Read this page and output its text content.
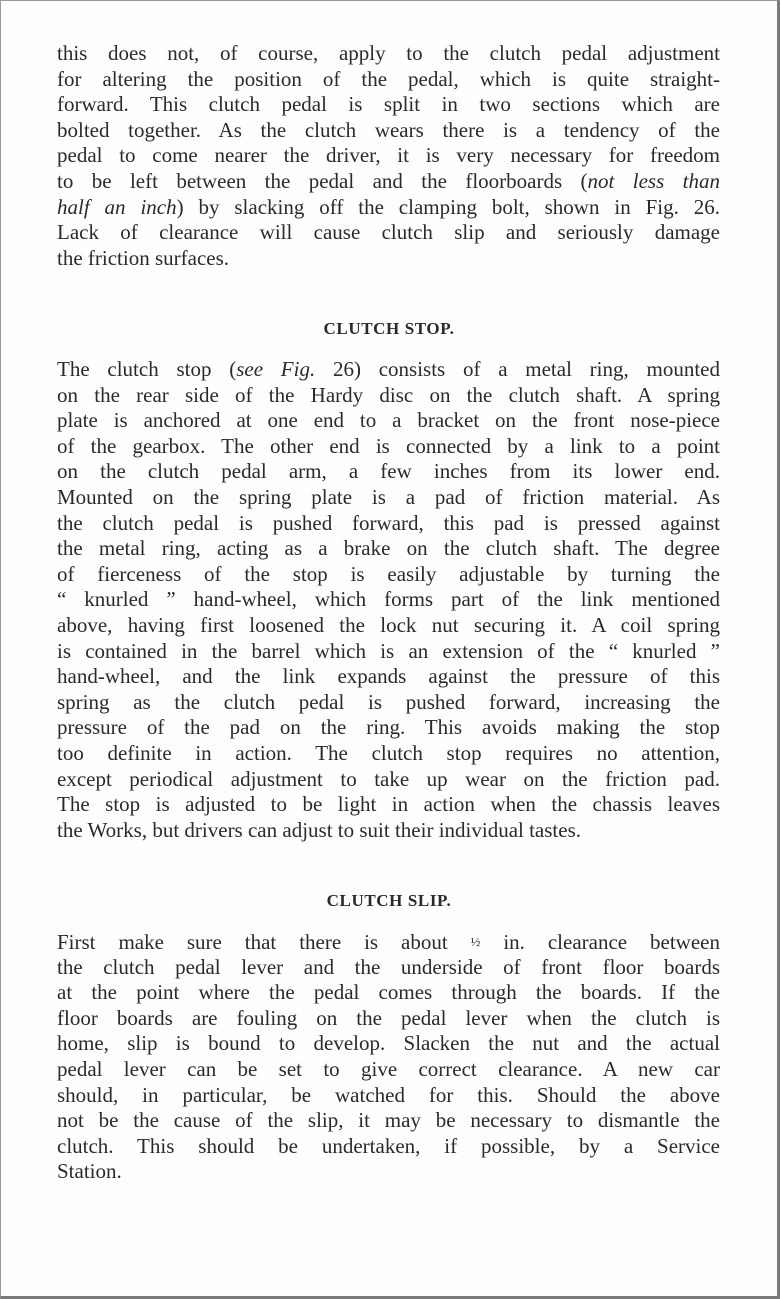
this does not, of course, apply to the clutch pedal adjustment
for altering the position of the pedal, which is quite straight-
forward. This clutch pedal is split in two sections which are
bolted together. As the clutch wears there is a tendency of the
pedal to come nearer the driver, it is very necessary for freedom
to be left between the pedal and the floorboards (not less than
half an inch) by slacking off the clamping bolt, shown in Fig. 26.
Lack of clearance will cause clutch slip and seriously damage
the friction surfaces.

CLUTCH STOP.

The clutch stop (see Fig. 26) consists of a metal ring, mounted
on the rear side of the Hardy disc on the clutch shaft. A spring
plate is anchored at one end to a bracket on the front nose-piece
of the gearbox. The other end is connected by a link to a point
on the clutch pedal arm, a few inches from its lower end.
Mounted on the spring plate is a pad of friction material. As
the clutch pedal is pushed forward, this pad is pressed against
the metal ring, acting as a brake on the clutch shaft. The degree
of fierceness of the stop is easily adjustable by turning the
“ knurled ” hand-wheel, which forms part of the link mentioned
above, having first loosened the lock nut securing it. A coil spring
is contained in the barrel which is an extension of the “ knurled ”
hand-wheel, and the link expands against the pressure of this
spring as the clutch pedal is pushed forward, increasing the
pressure of the pad on the ring. This avoids making the stop
too definite in action. The clutch stop requires no attention,
except periodical adjustment to take up wear on the friction pad.
The stop is adjusted to be light in action when the chassis leaves
the Works, but drivers can adjust to suit their individual tastes.

CLUTCH SLIP.

First make sure that there is about ½ in. clearance between
the clutch pedal lever and the underside of front floor boards
at the point where the pedal comes through the boards. If the
floor boards are fouling on the pedal lever when the clutch is
home, slip is bound to develop. Slacken the nut and the actual
pedal lever can be set to give correct clearance. A new car
should, in particular, be watched for this. Should the above
not be the cause of the slip, it may be necessary to dismantle the
clutch. This should be undertaken, if possible, by a Service
Station.
